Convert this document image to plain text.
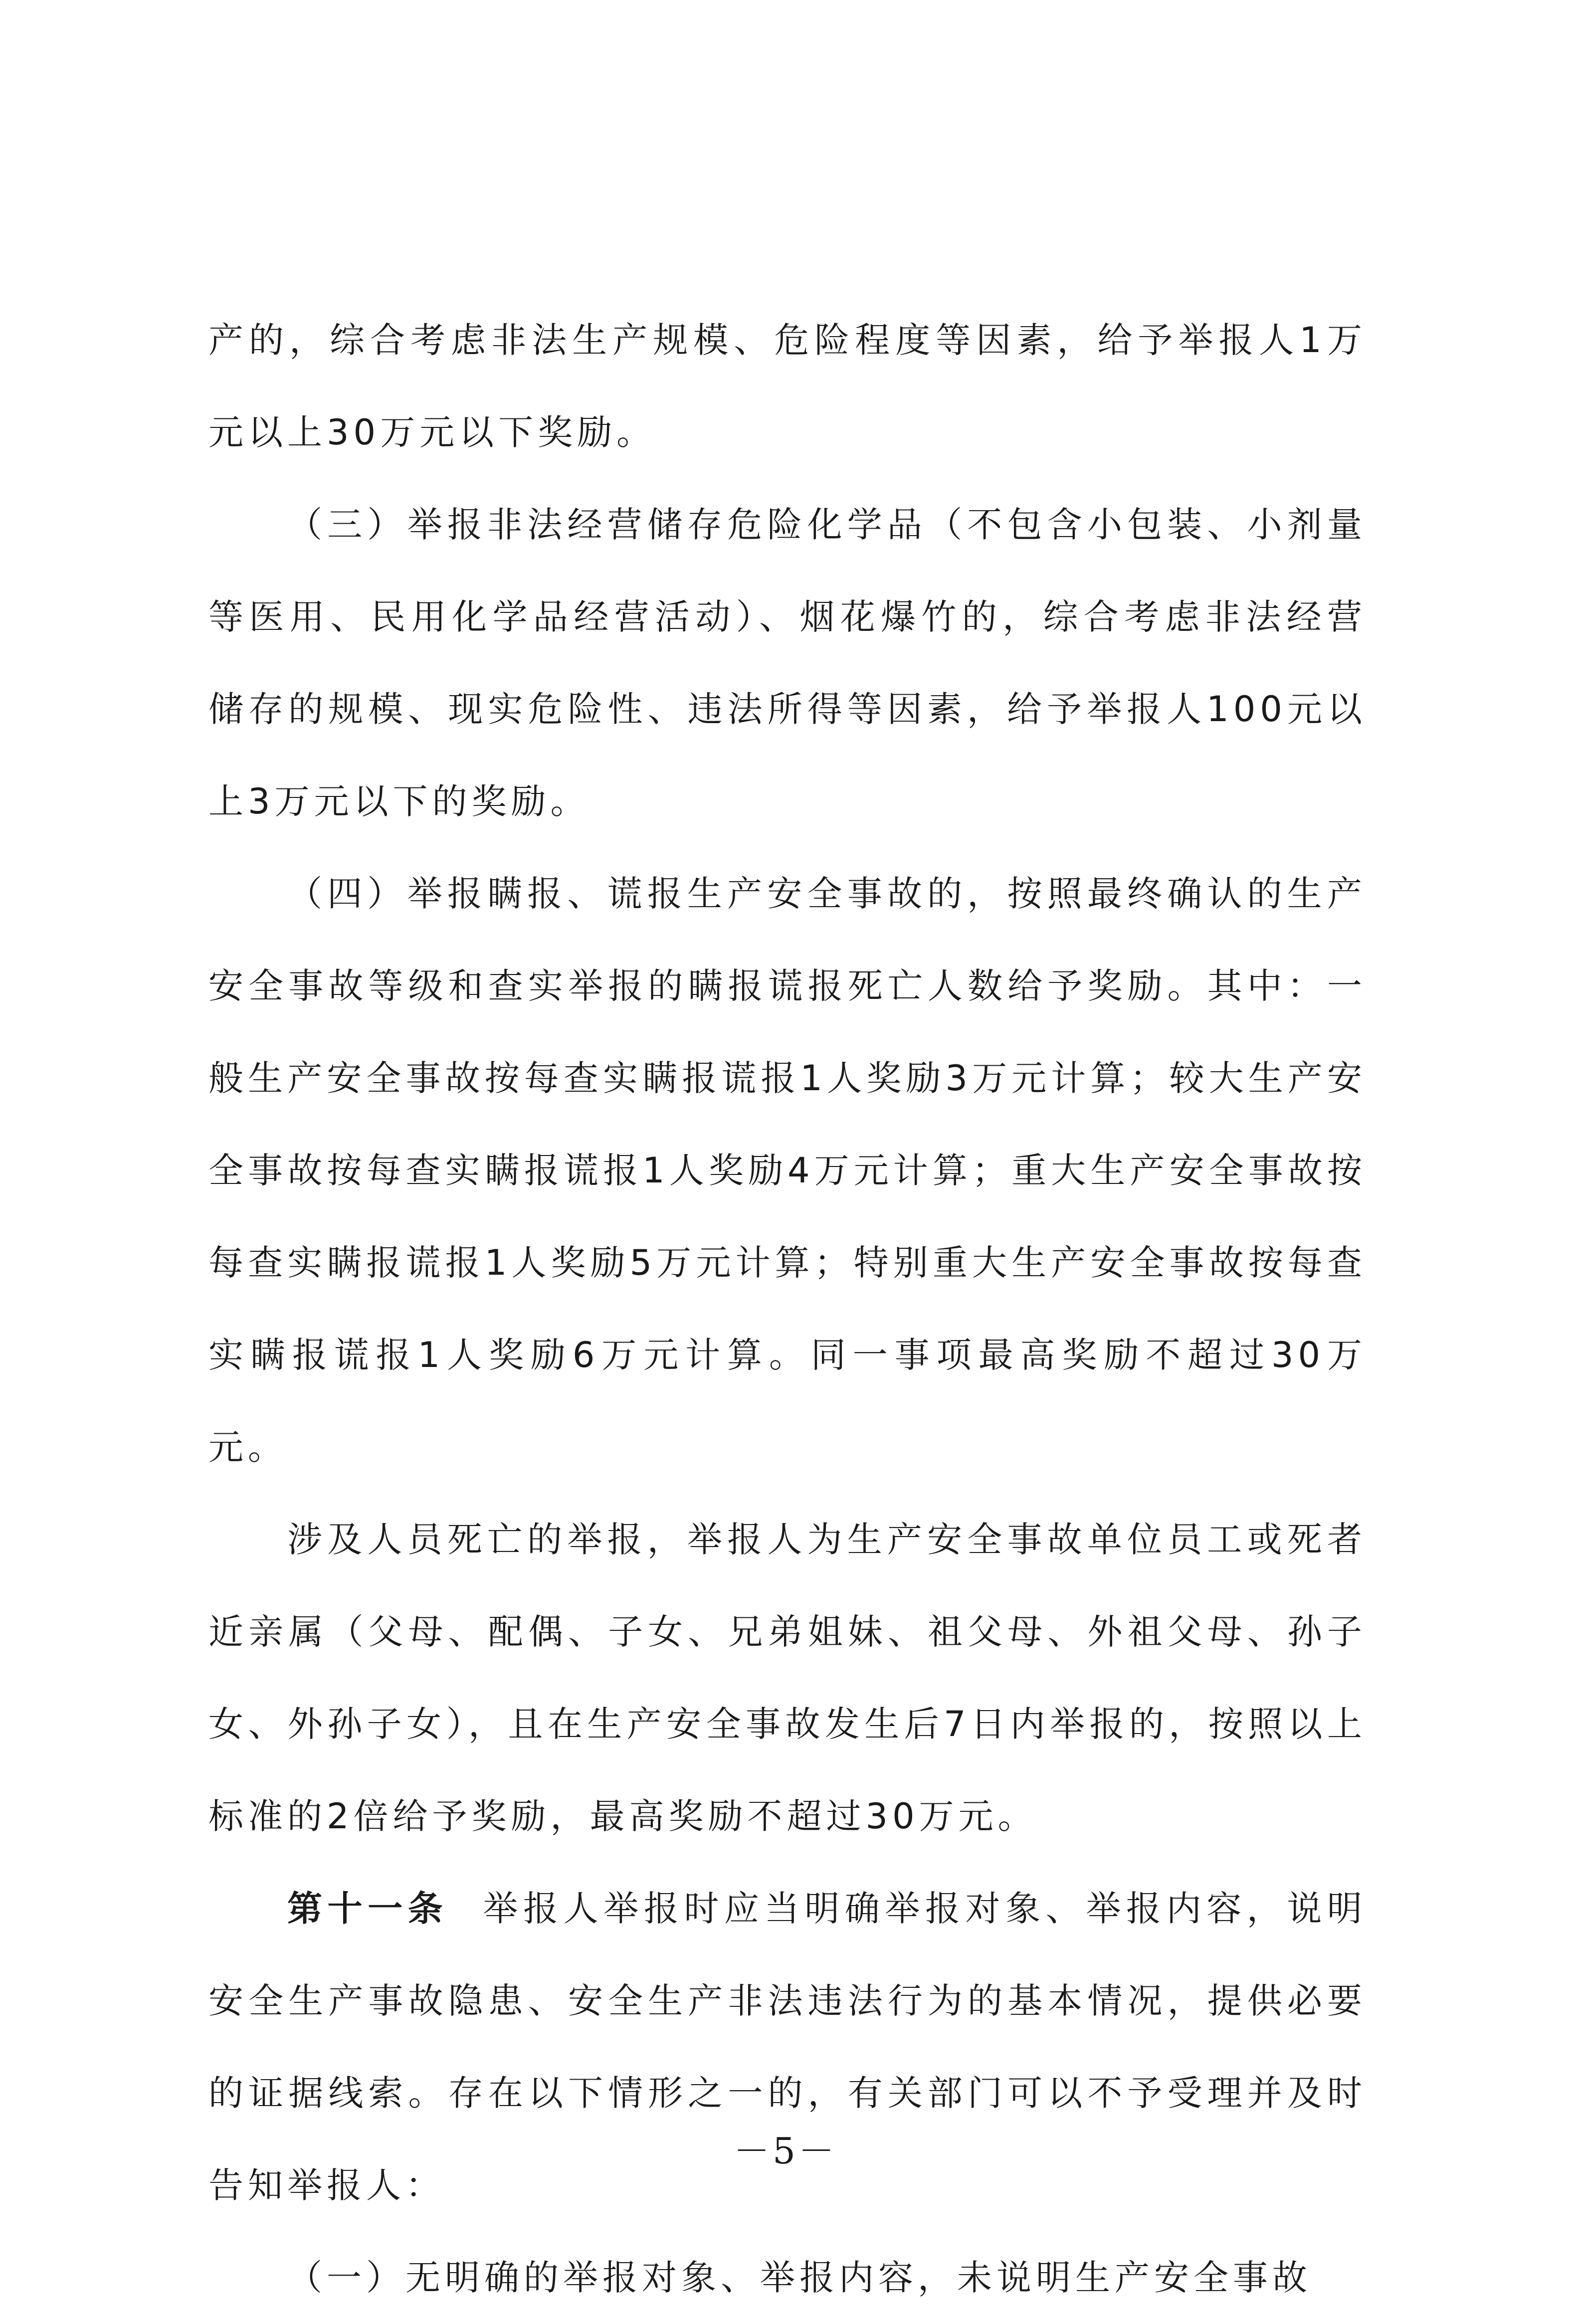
产的，综合考虑非法生产规模、危险程度等因素，给予举报人1万元以上30万元以下奖励。

（三）举报非法经营储存危险化学品（不包含小包装、小剂量等医用、民用化学品经营活动）、烟花爆竹的，综合考虑非法经营储存的规模、现实危险性、违法所得等因素，给予举报人100元以上3万元以下的奖励。

（四）举报瞒报、谎报生产安全事故的，按照最终确认的生产安全事故等级和查实举报的瞒报谎报死亡人数给予奖励。其中：一般生产安全事故按每查实瞒报谎报1人奖励3万元计算；较大生产安全事故按每查实瞒报谎报1人奖励4万元计算；重大生产安全事故按每查实瞒报谎报1人奖励5万元计算；特别重大生产安全事故按每查实瞒报谎报1人奖励6万元计算。同一事项最高奖励不超过30万元。

涉及人员死亡的举报，举报人为生产安全事故单位员工或死者近亲属（父母、配偶、子女、兄弟姐妹、祖父母、外祖父母、孙子女、外孙子女），且在生产安全事故发生后7日内举报的，按照以上标准的2倍给予奖励，最高奖励不超过30万元。

第十一条 举报人举报时应当明确举报对象、举报内容，说明安全生产事故隐患、安全生产非法违法行为的基本情况，提供必要的证据线索。存在以下情形之一的，有关部门可以不予受理并及时告知举报人：

（一）无明确的举报对象、举报内容，未说明生产安全事故

－5－
